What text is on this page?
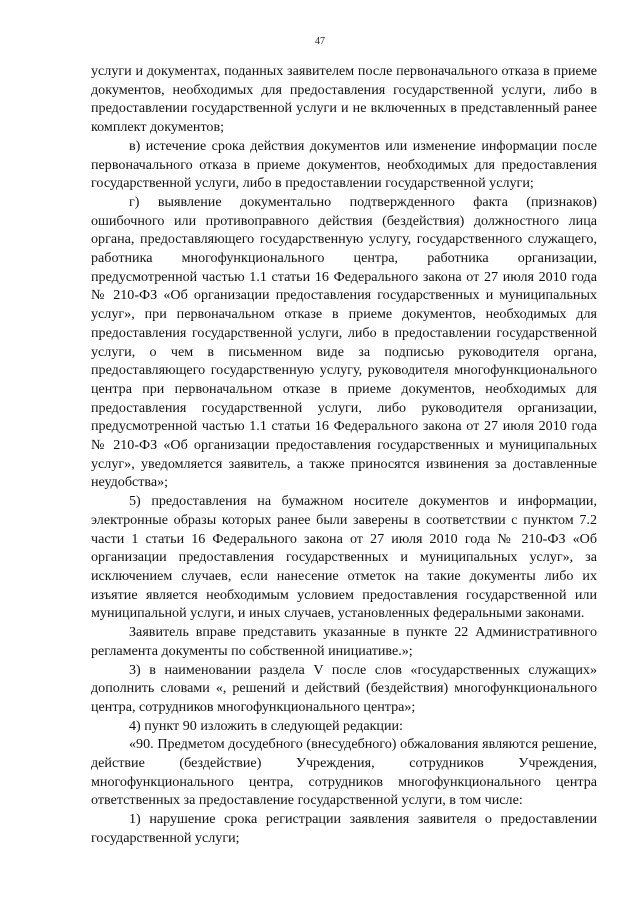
47

услуги и документах, поданных заявителем после первоначального отказа в приеме документов, необходимых для предоставления государственной услуги, либо в предоставлении государственной услуги и не включенных в представленный ранее комплект документов;

в) истечение срока действия документов или изменение информации после первоначального отказа в приеме документов, необходимых для предоставления государственной услуги, либо в предоставлении государственной услуги;

г) выявление документально подтвержденного факта (признаков) ошибочного или противоправного действия (бездействия) должностного лица органа, предоставляющего государственную услугу, государственного служащего, работника многофункционального центра, работника организации, предусмотренной частью 1.1 статьи 16 Федерального закона от 27 июля 2010 года № 210-ФЗ «Об организации предоставления государственных и муниципальных услуг», при первоначальном отказе в приеме документов, необходимых для предоставления государственной услуги, либо в предоставлении государственной услуги, о чем в письменном виде за подписью руководителя органа, предоставляющего государственную услугу, руководителя многофункционального центра при первоначальном отказе в приеме документов, необходимых для предоставления государственной услуги, либо руководителя организации, предусмотренной частью 1.1 статьи 16 Федерального закона от 27 июля 2010 года № 210-ФЗ «Об организации предоставления государственных и муниципальных услуг», уведомляется заявитель, а также приносятся извинения за доставленные неудобства»;

5) предоставления на бумажном носителе документов и информации, электронные образы которых ранее были заверены в соответствии с пунктом 7.2 части 1 статьи 16 Федерального закона от 27 июля 2010 года № 210-ФЗ «Об организации предоставления государственных и муниципальных услуг», за исключением случаев, если нанесение отметок на такие документы либо их изъятие является необходимым условием предоставления государственной или муниципальной услуги, и иных случаев, установленных федеральными законами.

Заявитель вправе представить указанные в пункте 22 Административного регламента документы по собственной инициативе.»;

3) в наименовании раздела V после слов «государственных служащих» дополнить словами «, решений и действий (бездействия) многофункционального центра, сотрудников многофункционального центра»;

4) пункт 90 изложить в следующей редакции:

«90. Предметом досудебного (внесудебного) обжалования являются решение, действие (бездействие) Учреждения, сотрудников Учреждения, многофункционального центра, сотрудников многофункционального центра ответственных за предоставление государственной услуги, в том числе:

1) нарушение срока регистрации заявления заявителя о предоставлении государственной услуги;
